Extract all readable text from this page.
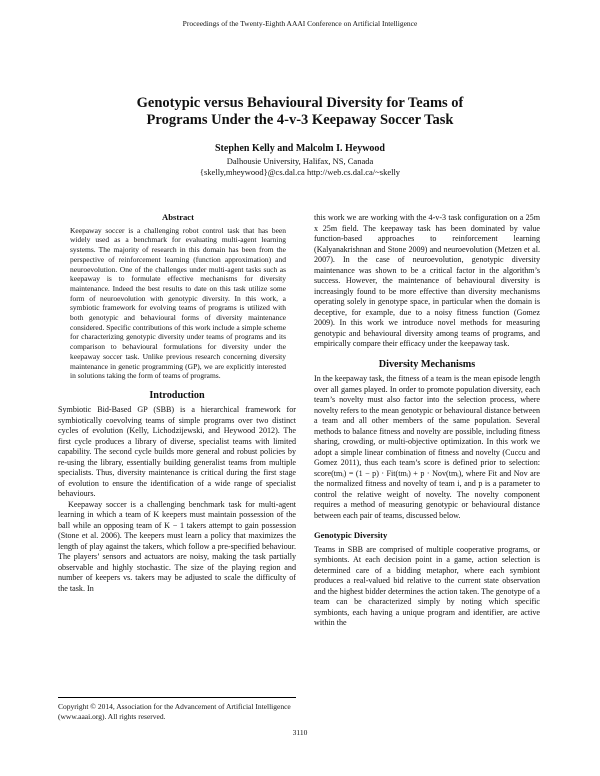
Proceedings of the Twenty-Eighth AAAI Conference on Artificial Intelligence
Genotypic versus Behavioural Diversity for Teams of
Programs Under the 4-v-3 Keepaway Soccer Task
Stephen Kelly and Malcolm I. Heywood
Dalhousie University, Halifax, NS, Canada
{skelly,mheywood}@cs.dal.ca http://web.cs.dal.ca/~skelly
Abstract

Keepaway soccer is a challenging robot control task that has been widely used as a benchmark for evaluating multi-agent learning systems. The majority of research in this domain has been from the perspective of reinforcement learning (function approximation) and neuroevolution. One of the challenges under multi-agent tasks such as keepaway is to formulate effective mechanisms for diversity maintenance. Indeed the best results to date on this task utilize some form of neuroevolution with genotypic diversity. In this work, a symbiotic framework for evolving teams of programs is utilized with both genotypic and behavioural forms of diversity maintenance considered. Specific contributions of this work include a simple scheme for characterizing genotypic diversity under teams of programs and its comparison to behavioural formulations for diversity under the keepaway soccer task. Unlike previous research concerning diversity maintenance in genetic programming (GP), we are explicitly interested in solutions taking the form of teams of programs.

Introduction

Symbiotic Bid-Based GP (SBB) is a hierarchical framework for symbiotically coevolving teams of simple programs over two distinct cycles of evolution (Kelly, Lichodzijewski, and Heywood 2012). The first cycle produces a library of diverse, specialist teams with limited capability. The second cycle builds more general and robust policies by re-using the library, essentially building generalist teams from multiple specialists. Thus, diversity maintenance is critical during the first stage of evolution to ensure the identification of a wide range of specialist behaviours.

Keepaway soccer is a challenging benchmark task for multi-agent learning in which a team of K keepers must maintain possession of the ball while an opposing team of K − 1 takers attempt to gain possession (Stone et al. 2006). The keepers must learn a policy that maximizes the length of play against the takers, which follow a pre-specified behaviour. The players’ sensors and actuators are noisy, making the task partially observable and highly stochastic. The size of the playing region and number of keepers vs. takers may be adjusted to scale the difficulty of the task. In

Copyright © 2014, Association for the Advancement of Artificial Intelligence (www.aaai.org). All rights reserved.

this work we are working with the 4-v-3 task configuration on a 25m x 25m field. The keepaway task has been dominated by value function-based approaches to reinforcement learning (Kalyanakrishnan and Stone 2009) and neuroevolution (Metzen et al. 2007). In the case of neuroevolution, genotypic diversity maintenance was shown to be a critical factor in the algorithm’s success. However, the maintenance of behavioural diversity is increasingly found to be more effective than diversity mechanisms operating solely in genotype space, in particular when the domain is deceptive, for example, due to a noisy fitness function (Gomez 2009). In this work we introduce novel methods for measuring genotypic and behavioural diversity among teams of programs, and empirically compare their efficacy under the keepaway task.

Diversity Mechanisms

In the keepaway task, the fitness of a team is the mean episode length over all games played. In order to promote population diversity, each team’s novelty must also factor into the selection process, where novelty refers to the mean genotypic or behavioural distance between a team and all other members of the same population. Several methods to balance fitness and novelty are possible, including fitness sharing, crowding, or multi-objective optimization. In this work we adopt a simple linear combination of fitness and novelty (Cuccu and Gomez 2011), thus each team’s score is defined prior to selection: score(tmᵢ) = (1 − p) · Fit(tmᵢ) + p · Nov(tmᵢ), where Fit and Nov are the normalized fitness and novelty of team i, and p is a parameter to control the relative weight of novelty. The novelty component requires a method of measuring genotypic or behavioural distance between each pair of teams, discussed below.

Genotypic Diversity

Teams in SBB are comprised of multiple cooperative programs, or symbionts. At each decision point in a game, action selection is determined care of a bidding metaphor, where each symbiont produces a real-valued bid relative to the current state observation and the highest bidder determines the action taken. The genotype of a team can be characterized simply by noting which specific symbionts, each having a unique program and identifier, are active within the

3110
